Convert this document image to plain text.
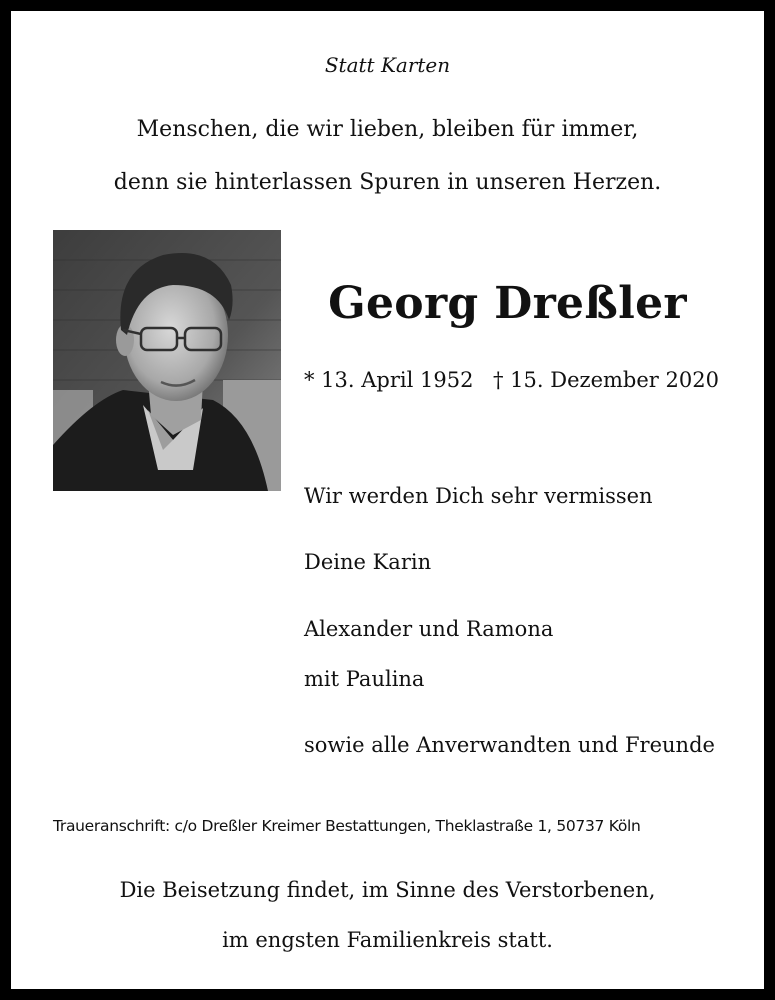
Statt Karten
Menschen, die wir lieben, bleiben für immer,
denn sie hinterlassen Spuren in unseren Herzen.
Georg Dreßler
* 13. April 1952 † 15. Dezember 2020
Wir werden Dich sehr vermissen
Deine Karin
Alexander und Ramona
mit Paulina
sowie alle Anverwandten und Freunde
Traueranschrift: c/o Dreßler Kreimer Bestattungen, Theklastraße 1, 50737 Köln
Die Beisetzung findet, im Sinne des Verstorbenen,
im engsten Familienkreis statt.
